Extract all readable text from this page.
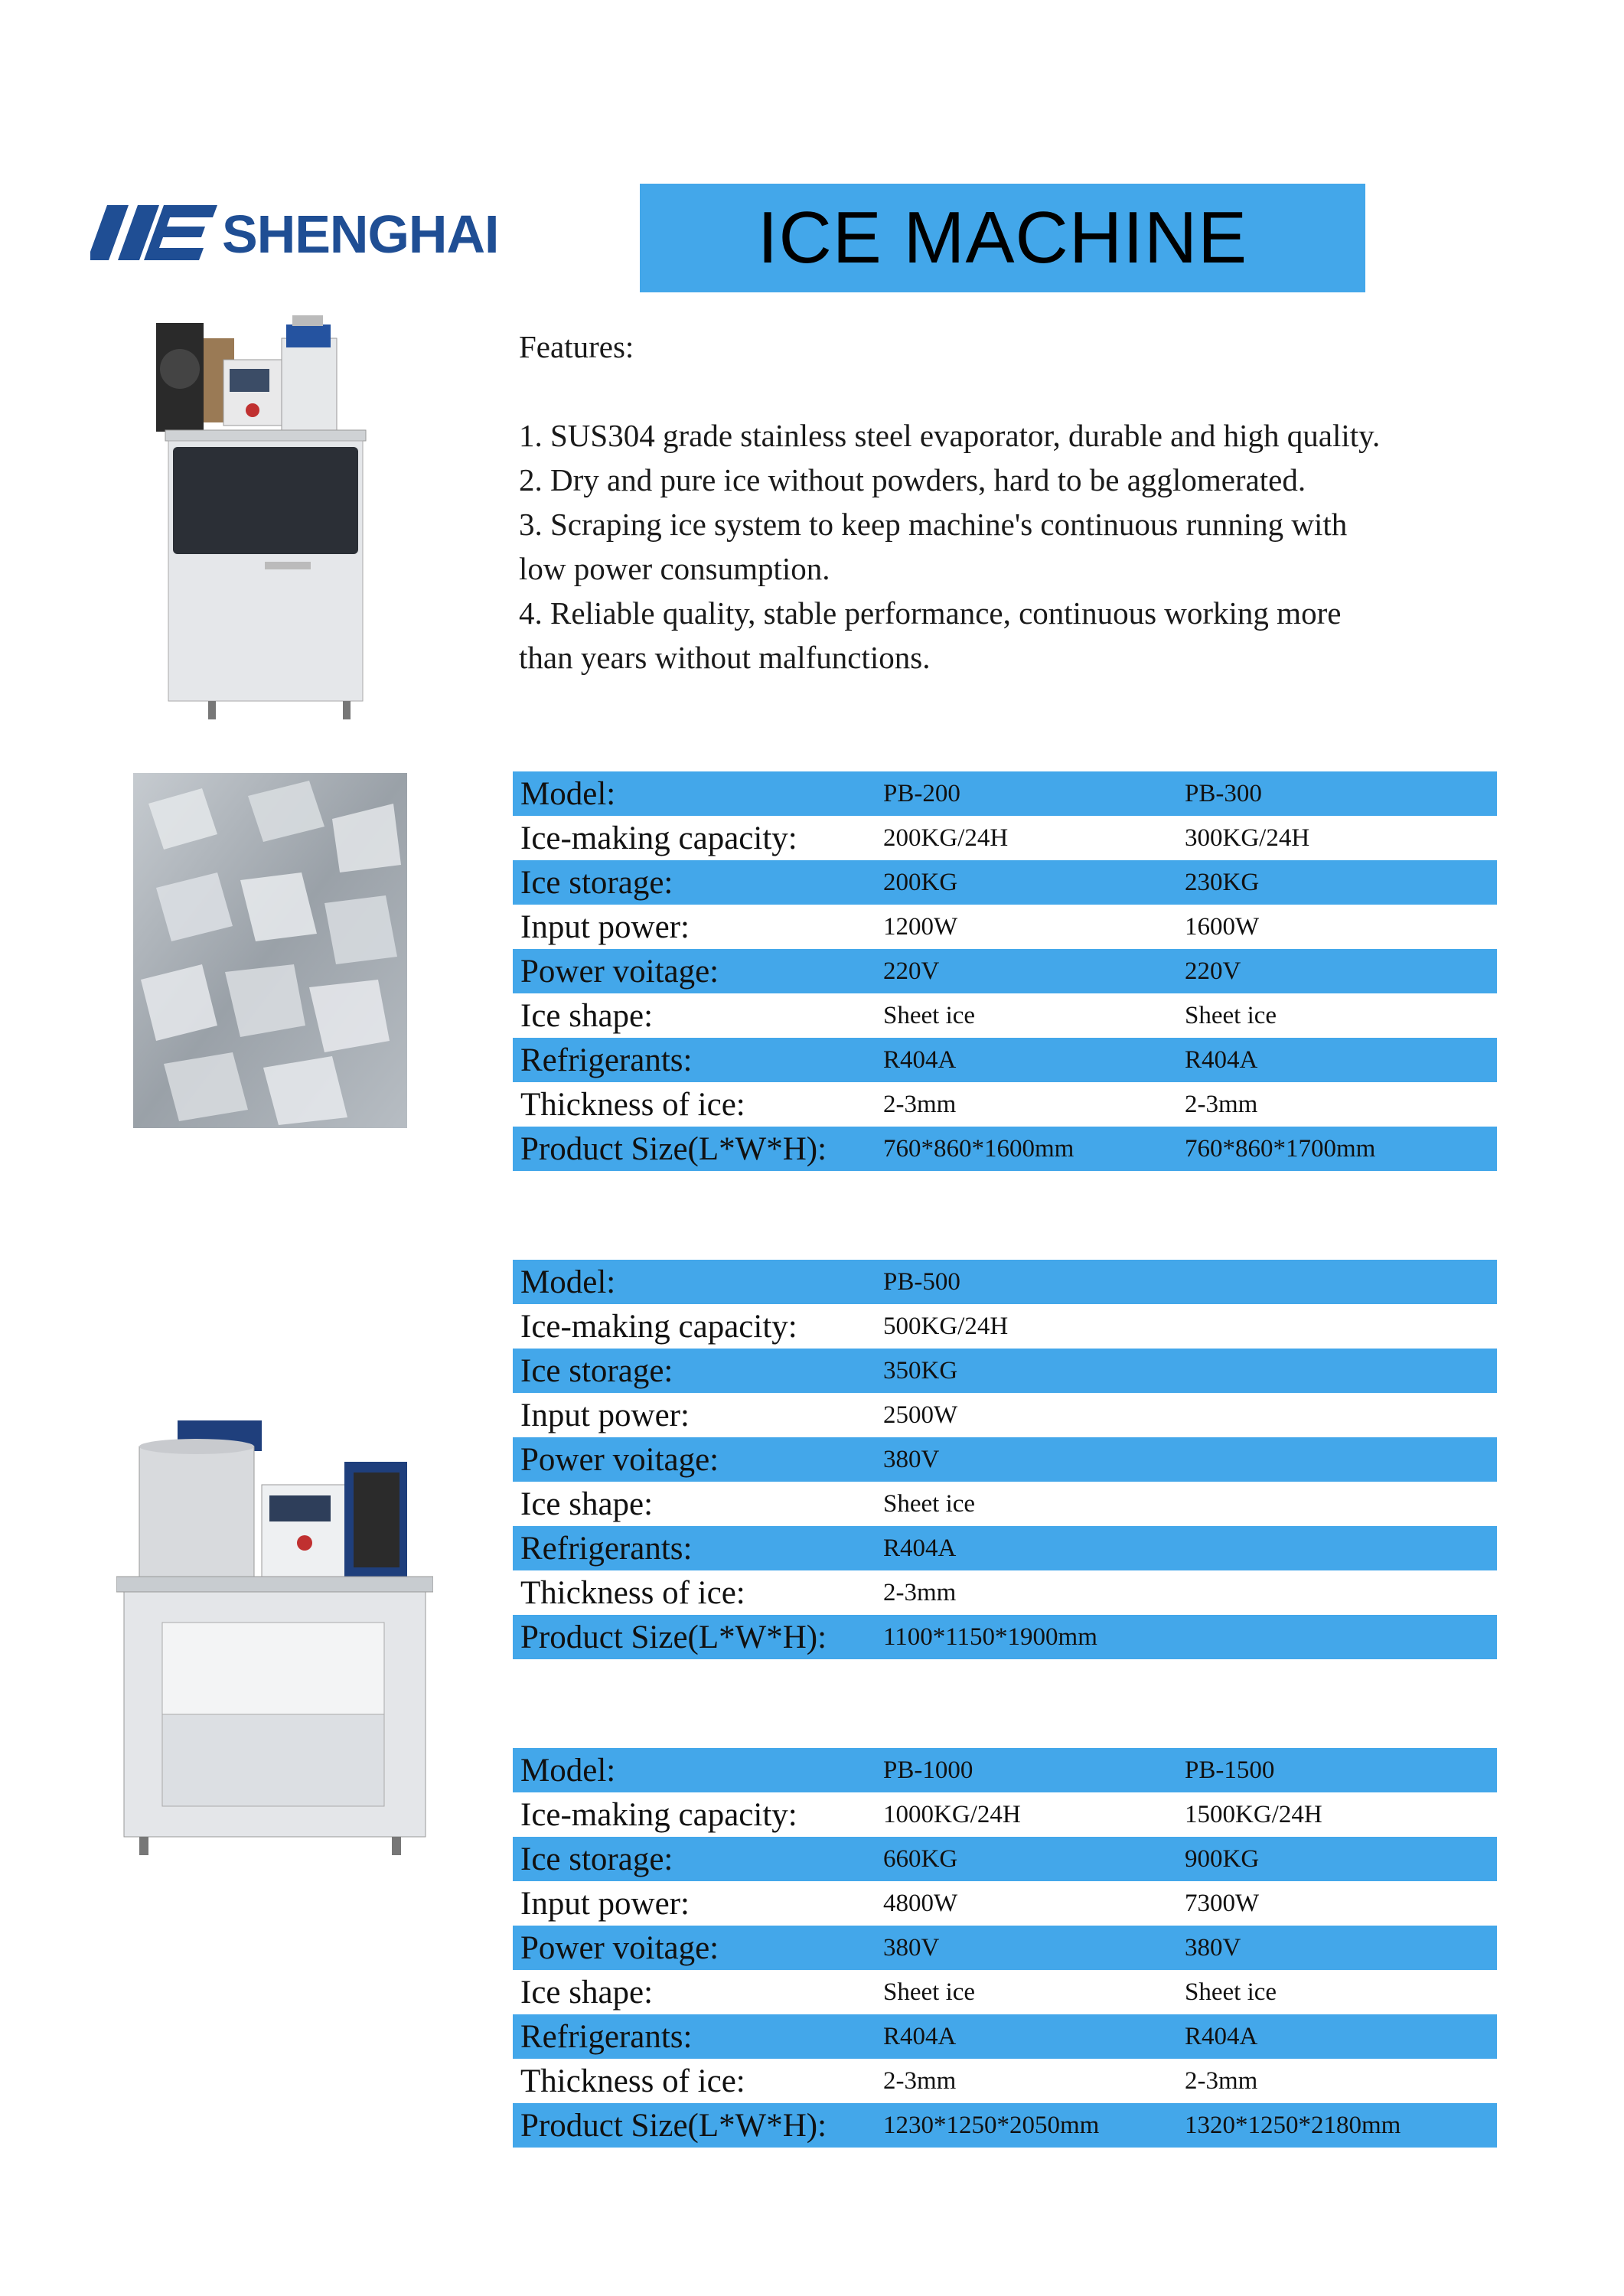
SHENGHAI	ICE MACHINE

Features:

1. SUS304 grade stainless steel evaporator, durable and high quality.

2. Dry and pure ice without powders, hard to be agglomerated.

3. Scraping ice system to keep machine's continuous running with

low power consumption.

4. Reliable quality, stable performance, continuous working more

than years without malfunctions.

Model:	PB-200	PB-300
Ice-making capacity:	200KG/24H	300KG/24H
Ice storage:	200KG	230KG
Input power:	1200W	1600W
Power voitage:	220V	220V
Ice shape:	Sheet ice	Sheet ice
Refrigerants:	R404A	R404A
Thickness of ice:	2-3mm	2-3mm
Product Size(L*W*H):	760*860*1600mm	760*860*1700mm
Model:	PB-500
Ice-making capacity:	500KG/24H
Ice storage:	350KG
Input power:	2500W
Power voitage:	380V
Ice shape:	Sheet ice
Refrigerants:	R404A
Thickness of ice:	2-3mm
Product Size(L*W*H):	1100*1150*1900mm
Model:	PB-1000	PB-1500
Ice-making capacity:	1000KG/24H	1500KG/24H
Ice storage:	660KG	900KG
Input power:	4800W	7300W
Power voitage:	380V	380V
Ice shape:	Sheet ice	Sheet ice
Refrigerants:	R404A	R404A
Thickness of ice:	2-3mm	2-3mm
Product Size(L*W*H):	1230*1250*2050mm	1320*1250*2180mm
